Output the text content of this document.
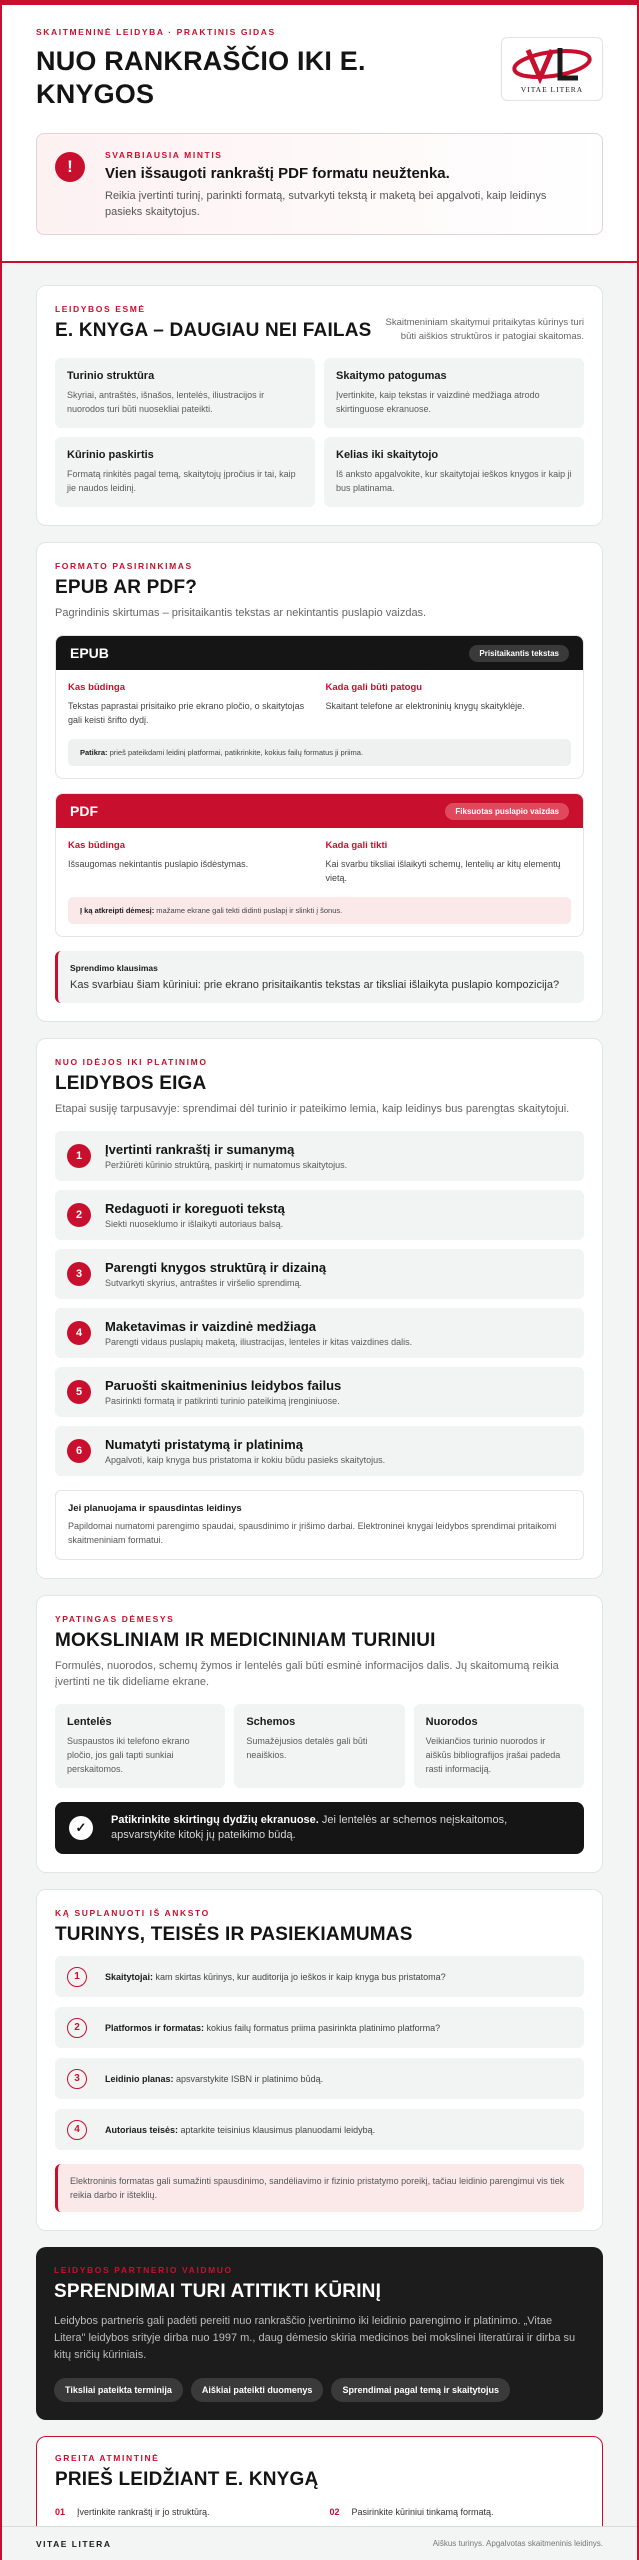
SKAITMENINĖ LEIDYBA · PRAKTINIS GIDAS
NUO RANKRAŠČIO IKI E. KNYGOS	VITAE LITERA
!
SVARBIAUSIA MINTIS
Vien išsaugoti rankraštį PDF formatu neužtenka.
Reikia įvertinti turinį, parinkti formatą, sutvarkyti tekstą ir maketą bei apgalvoti, kaip leidinys pasieks skaitytojus.
LEIDYBOS ESMĖ
E. KNYGA – DAUGIAU NEI FAILAS	Skaitmeniniam skaitymui pritaikytas kūrinys turi būti aiškios struktūros ir patogiai skaitomas.
Turinio struktūra
Skyriai, antraštės, išnašos, lentelės, iliustracijos ir nuorodos turi būti nuosekliai pateikti.
Skaitymo patogumas
Įvertinkite, kaip tekstas ir vaizdinė medžiaga atrodo skirtinguose ekranuose.
Kūrinio paskirtis
Formatą rinkitės pagal temą, skaitytojų įpročius ir tai, kaip jie naudos leidinį.
Kelias iki skaitytojo
Iš anksto apgalvokite, kur skaitytojai ieškos knygos ir kaip ji bus platinama.
FORMATO PASIRINKIMAS
EPUB AR PDF?
Pagrindinis skirtumas – prisitaikantis tekstas ar nekintantis puslapio vaizdas.
EPUB	Prisitaikantis tekstas
Kas būdinga
Tekstas paprastai prisitaiko prie ekrano pločio, o skaitytojas gali keisti šrifto dydį.
Kada gali būti patogu
Skaitant telefone ar elektroninių knygų skaityklėje.
Patikra: prieš pateikdami leidinį platformai, patikrinkite, kokius failų formatus ji priima.
PDF	Fiksuotas puslapio vaizdas
Kas būdinga
Išsaugomas nekintantis puslapio išdėstymas.
Kada gali tikti
Kai svarbu tiksliai išlaikyti schemų, lentelių ar kitų elementų vietą.
Į ką atkreipti dėmesį: mažame ekrane gali tekti didinti puslapį ir slinkti į šonus.
Sprendimo klausimas
Kas svarbiau šiam kūriniui: prie ekrano prisitaikantis tekstas ar tiksliai išlaikyta puslapio kompozicija?
NUO IDĖJOS IKI PLATINIMO
LEIDYBOS EIGA
Etapai susiję tarpusavyje: sprendimai dėl turinio ir pateikimo lemia, kaip leidinys bus parengtas skaitytojui.
1	Įvertinti rankraštį ir sumanymą
Peržiūrėti kūrinio struktūrą, paskirtį ir numatomus skaitytojus.
2	Redaguoti ir koreguoti tekstą
Siekti nuoseklumo ir išlaikyti autoriaus balsą.
3	Parengti knygos struktūrą ir dizainą
Sutvarkyti skyrius, antraštes ir viršelio sprendimą.
4	Maketavimas ir vaizdinė medžiaga
Parengti vidaus puslapių maketą, iliustracijas, lenteles ir kitas vaizdines dalis.
5	Paruošti skaitmeninius leidybos failus
Pasirinkti formatą ir patikrinti turinio pateikimą įrenginiuose.
6	Numatyti pristatymą ir platinimą
Apgalvoti, kaip knyga bus pristatoma ir kokiu būdu pasieks skaitytojus.
Jei planuojama ir spausdintas leidinys
Papildomai numatomi parengimo spaudai, spausdinimo ir įrišimo darbai. Elektroninei knygai leidybos sprendimai pritaikomi skaitmeniniam formatui.
YPATINGAS DĖMESYS
MOKSLINIAM IR MEDICININIAM TURINIUI
Formulės, nuorodos, schemų žymos ir lentelės gali būti esminė informacijos dalis. Jų skaitomumą reikia įvertinti ne tik dideliame ekrane.
Lentelės
Suspaustos iki telefono ekrano pločio, jos gali tapti sunkiai perskaitomos.
Schemos
Sumažėjusios detalės gali būti neaiškios.
Nuorodos
Veikiančios turinio nuorodos ir aiškūs bibliografijos įrašai padeda rasti informaciją.
✓	Patikrinkite skirtingų dydžių ekranuose. Jei lentelės ar schemos neįskaitomos, apsvarstykite kitokį jų pateikimo būdą.
KĄ SUPLANUOTI IŠ ANKSTO
TURINYS, TEISĖS IR PASIEKIAMUMAS
1	Skaitytojai: kam skirtas kūrinys, kur auditorija jo ieškos ir kaip knyga bus pristatoma?
2	Platformos ir formatas: kokius failų formatus priima pasirinkta platinimo platforma?
3	Leidinio planas: apsvarstykite ISBN ir platinimo būdą.
4	Autoriaus teisės: aptarkite teisinius klausimus planuodami leidybą.
Elektroninis formatas gali sumažinti spausdinimo, sandėliavimo ir fizinio pristatymo poreikį, tačiau leidinio parengimui vis tiek reikia darbo ir išteklių.
LEIDYBOS PARTNERIO VAIDMUO
SPRENDIMAI TURI ATITIKTI KŪRINĮ
Leidybos partneris gali padėti pereiti nuo rankraščio įvertinimo iki leidinio parengimo ir platinimo. „Vitae Litera" leidybos srityje dirba nuo 1997 m., daug dėmesio skiria medicinos bei mokslinei literatūrai ir dirba su kitų sričių kūriniais.
Tiksliai pateikta terminija	Aiškiai pateikti duomenys	Sprendimai pagal temą ir skaitytojus
GREITA ATMINTINĖ
PRIEŠ LEIDŽIANT E. KNYGĄ
01	Įvertinkite rankraštį ir jo struktūrą.	02	Pasirinkite kūriniui tinkamą formatą.
VITAE LITERA	Aiškus turinys. Apgalvotas skaitmeninis leidinys.
